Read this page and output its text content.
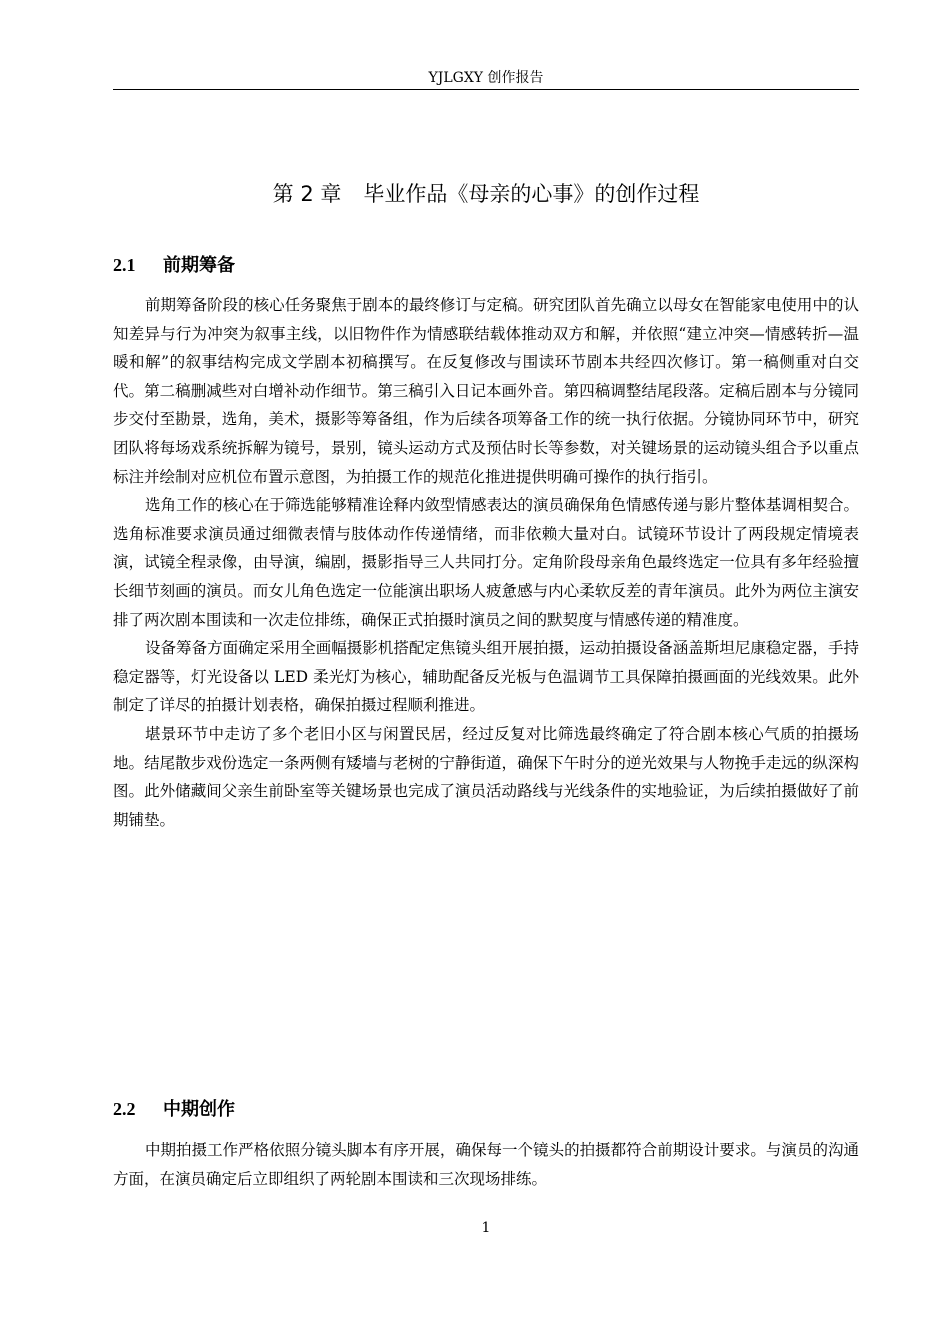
YJLGXY 创作报告
第 2 章 毕业作品《母亲的心事》的创作过程
2.1 前期筹备

前期筹备阶段的核心任务聚焦于剧本的最终修订与定稿。研究团队首先确立以母女在智能家电使用中的认知差异与行为冲突为叙事主线，以旧物件作为情感联结载体推动双方和解，并依照“建立冲突—情感转折—温暖和解”的叙事结构完成文学剧本初稿撰写。在反复修改与围读环节剧本共经四次修订。第一稿侧重对白交代。第二稿删减些对白增补动作细节。第三稿引入日记本画外音。第四稿调整结尾段落。定稿后剧本与分镜同步交付至勘景，选角，美术，摄影等筹备组，作为后续各项筹备工作的统一执行依据。分镜协同环节中，研究团队将每场戏系统拆解为镜号，景别，镜头运动方式及预估时长等参数，对关键场景的运动镜头组合予以重点标注并绘制对应机位布置示意图，为拍摄工作的规范化推进提供明确可操作的执行指引。

选角工作的核心在于筛选能够精准诠释内敛型情感表达的演员确保角色情感传递与影片整体基调相契合。选角标准要求演员通过细微表情与肢体动作传递情绪，而非依赖大量对白。试镜环节设计了两段规定情境表演，试镜全程录像，由导演，编剧，摄影指导三人共同打分。定角阶段母亲角色最终选定一位具有多年经验擅长细节刻画的演员。而女儿角色选定一位能演出职场人疲惫感与内心柔软反差的青年演员。此外为两位主演安排了两次剧本围读和一次走位排练，确保正式拍摄时演员之间的默契度与情感传递的精准度。

设备筹备方面确定采用全画幅摄影机搭配定焦镜头组开展拍摄，运动拍摄设备涵盖斯坦尼康稳定器，手持稳定器等，灯光设备以 LED 柔光灯为核心，辅助配备反光板与色温调节工具保障拍摄画面的光线效果。此外制定了详尽的拍摄计划表格，确保拍摄过程顺利推进。

堪景环节中走访了多个老旧小区与闲置民居，经过反复对比筛选最终确定了符合剧本核心气质的拍摄场地。结尾散步戏份选定一条两侧有矮墙与老树的宁静街道，确保下午时分的逆光效果与人物挽手走远的纵深构图。此外储藏间父亲生前卧室等关键场景也完成了演员活动路线与光线条件的实地验证，为后续拍摄做好了前期铺垫。

2.2 中期创作

中期拍摄工作严格依照分镜头脚本有序开展，确保每一个镜头的拍摄都符合前期设计要求。与演员的沟通方面，在演员确定后立即组织了两轮剧本围读和三次现场排练。

1
